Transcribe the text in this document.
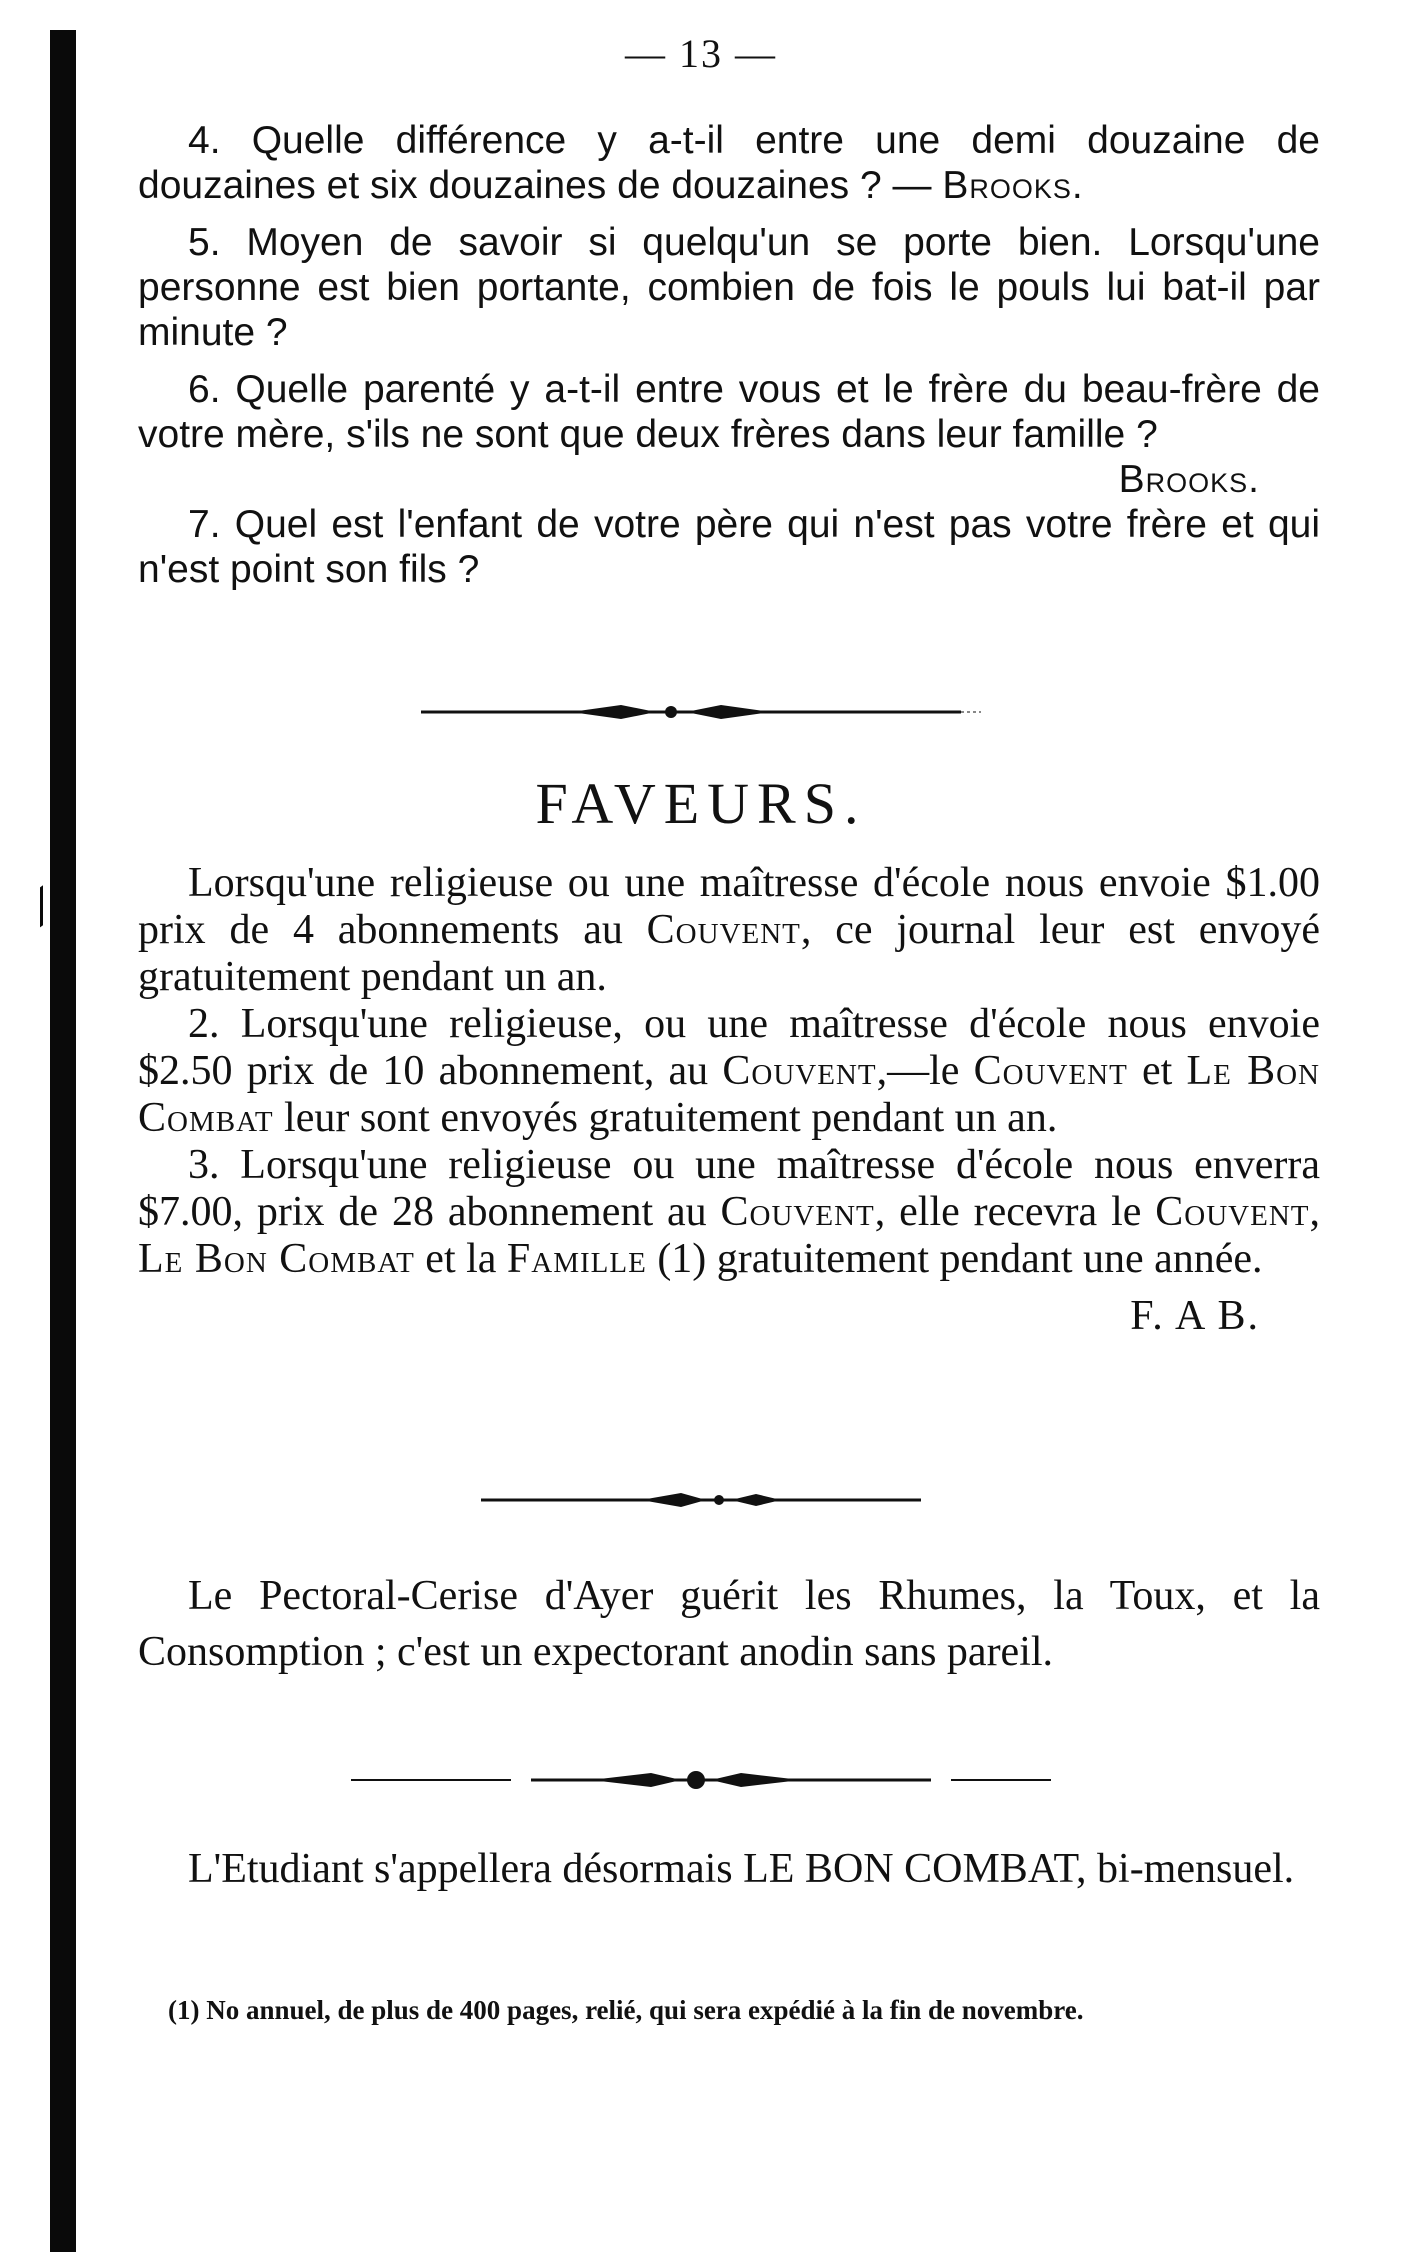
— 13 —

4. Quelle différence y a-t-il entre une demi douzaine de douzaines et six douzaines de douzaines ? — Brooks.

5. Moyen de savoir si quelqu'un se porte bien. Lorsqu'une personne est bien portante, combien de fois le pouls lui bat-il par minute ?

6. Quelle parenté y a-t-il entre vous et le frère du beau-frère de votre mère, s'ils ne sont que deux frères dans leur famille ?
Brooks.

7. Quel est l'enfant de votre père qui n'est pas votre frère et qui n'est point son fils ?

FAVEURS.

Lorsqu'une religieuse ou une maîtresse d'école nous envoie $1.00 prix de 4 abonnements au Couvent, ce journal leur est envoyé gratuitement pendant un an.

2. Lorsqu'une religieuse, ou une maîtresse d'école nous envoie $2.50 prix de 10 abonnement, au Couvent,—le Couvent et Le Bon Combat leur sont envoyés gratuitement pendant un an.

3. Lorsqu'une religieuse ou une maîtresse d'école nous enverra $7.00, prix de 28 abonnement au Couvent, elle recevra le Couvent, Le Bon Combat et la Famille (1) gratuitement pendant une année.

F. A B.

Le Pectoral-Cerise d'Ayer guérit les Rhumes, la Toux, et la Consomption ; c'est un expectorant anodin sans pareil.

L'Etudiant s'appellera désormais LE BON COMBAT, bi-mensuel.

(1) No annuel, de plus de 400 pages, relié, qui sera expédié à la fin de novembre.
